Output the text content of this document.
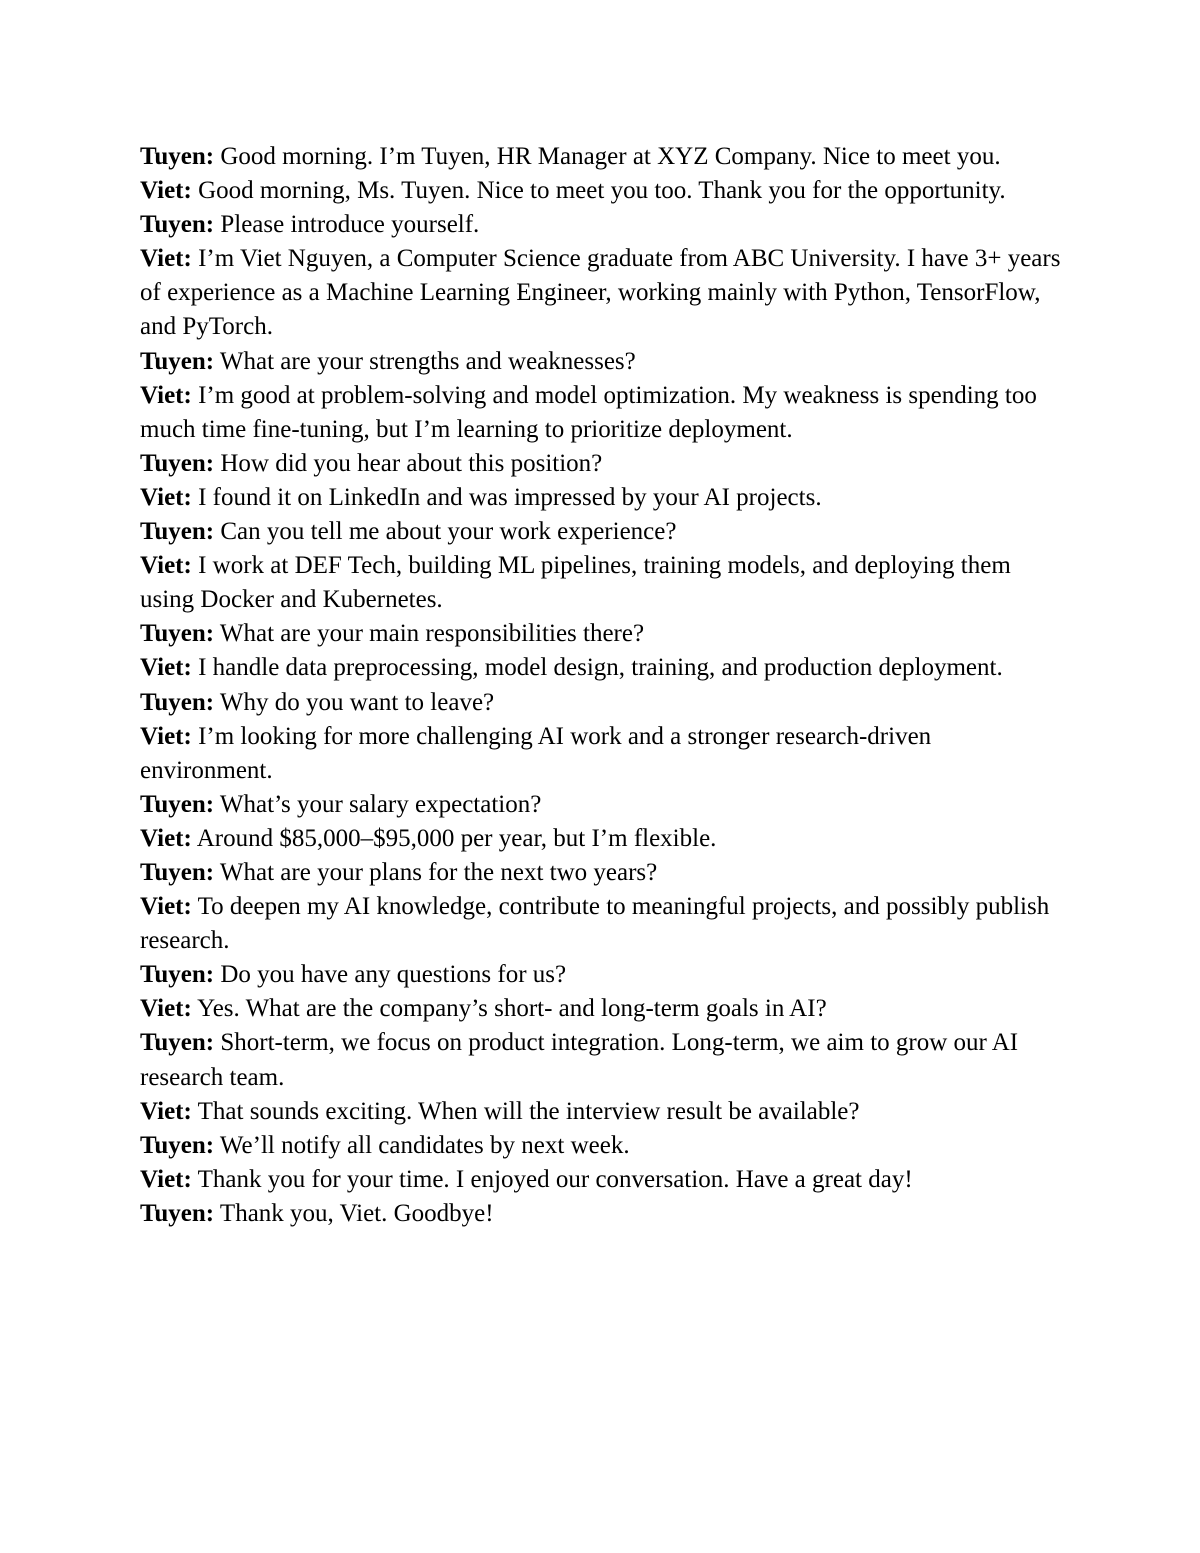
Tuyen: Good morning. I’m Tuyen, HR Manager at XYZ Company. Nice to meet you.

Viet: Good morning, Ms. Tuyen. Nice to meet you too. Thank you for the opportunity.

Tuyen: Please introduce yourself.

Viet: I’m Viet Nguyen, a Computer Science graduate from ABC University. I have 3+ years of experience as a Machine Learning Engineer, working mainly with Python, TensorFlow, and PyTorch.

Tuyen: What are your strengths and weaknesses?

Viet: I’m good at problem-solving and model optimization. My weakness is spending too much time fine-tuning, but I’m learning to prioritize deployment.

Tuyen: How did you hear about this position?

Viet: I found it on LinkedIn and was impressed by your AI projects.

Tuyen: Can you tell me about your work experience?

Viet: I work at DEF Tech, building ML pipelines, training models, and deploying them using Docker and Kubernetes.

Tuyen: What are your main responsibilities there?

Viet: I handle data preprocessing, model design, training, and production deployment.

Tuyen: Why do you want to leave?

Viet: I’m looking for more challenging AI work and a stronger research-driven environment.

Tuyen: What’s your salary expectation?

Viet: Around $85,000–$95,000 per year, but I’m flexible.

Tuyen: What are your plans for the next two years?

Viet: To deepen my AI knowledge, contribute to meaningful projects, and possibly publish research.

Tuyen: Do you have any questions for us?

Viet: Yes. What are the company’s short- and long-term goals in AI?

Tuyen: Short-term, we focus on product integration. Long-term, we aim to grow our AI research team.

Viet: That sounds exciting. When will the interview result be available?

Tuyen: We’ll notify all candidates by next week.

Viet: Thank you for your time. I enjoyed our conversation. Have a great day!

Tuyen: Thank you, Viet. Goodbye!
